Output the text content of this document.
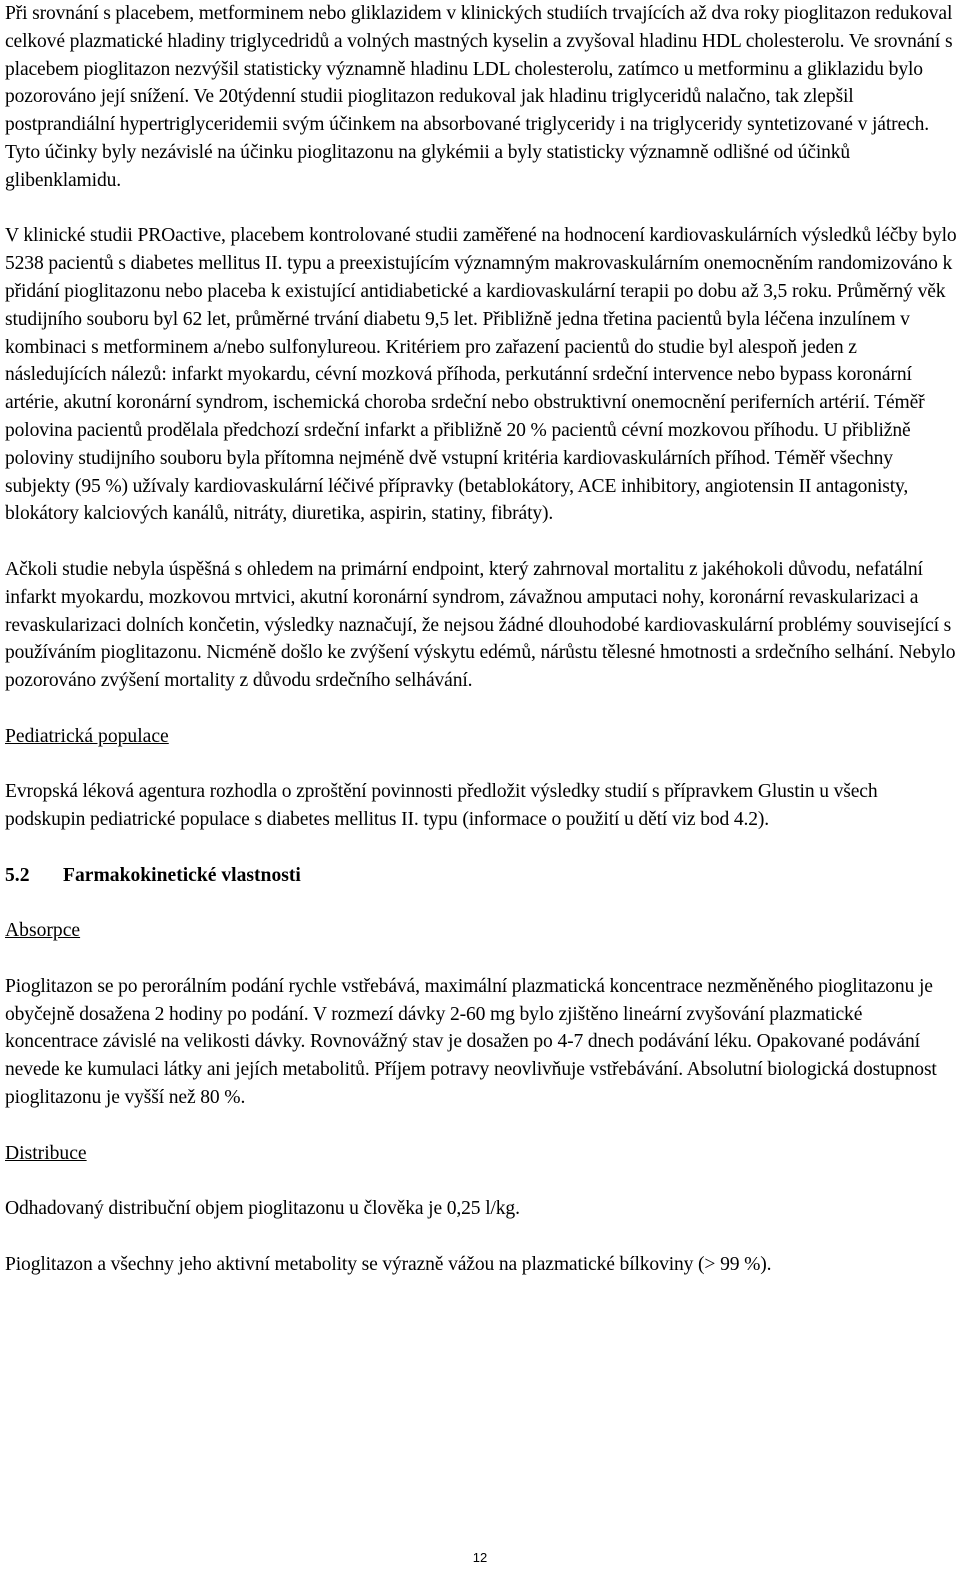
Při srovnání s placebem, metforminem nebo gliklazidem v klinických studiích trvajících až dva roky pioglitazon redukoval celkové plazmatické hladiny triglycedridů a volných mastných kyselin a zvyšoval hladinu HDL cholesterolu. Ve srovnání s placebem pioglitazon nezvýšil statisticky významně hladinu LDL cholesterolu, zatímco u metforminu a gliklazidu bylo pozorováno její snížení. Ve 20týdenní studii pioglitazon redukoval jak hladinu triglyceridů nalačno, tak zlepšil postprandiální hypertriglyceridemii svým účinkem na absorbované triglyceridy i na triglyceridy syntetizované v játrech. Tyto účinky byly nezávislé na účinku pioglitazonu na glykémii a byly statisticky významně odlišné od účinků glibenklamidu.

V klinické studii PROactive, placebem kontrolované studii zaměřené na hodnocení kardiovaskulárních výsledků léčby bylo 5238 pacientů s diabetes mellitus II. typu a preexistujícím významným makrovaskulárním onemocněním randomizováno k přidání pioglitazonu nebo placeba k existující antidiabetické a kardiovaskulární terapii po dobu až 3,5 roku. Průměrný věk studijního souboru byl 62 let, průměrné trvání diabetu 9,5 let. Přibližně jedna třetina pacientů byla léčena inzulínem v kombinaci s metforminem a/nebo sulfonylureou. Kritériem pro zařazení pacientů do studie byl alespoň jeden z následujících nálezů: infarkt myokardu, cévní mozková příhoda, perkutánní srdeční intervence nebo bypass koronární artérie, akutní koronární syndrom, ischemická choroba srdeční nebo obstruktivní onemocnění periferních artérií. Téměř polovina pacientů prodělala předchozí srdeční infarkt a přibližně 20 % pacientů cévní mozkovou příhodu. U přibližně poloviny studijního souboru byla přítomna nejméně dvě vstupní kritéria kardiovaskulárních příhod. Téměř všechny subjekty (95 %) užívaly kardiovaskulární léčivé přípravky (betablokátory, ACE inhibitory, angiotensin II antagonisty, blokátory kalciových kanálů, nitráty, diuretika, aspirin, statiny, fibráty).

Ačkoli studie nebyla úspěšná s ohledem na primární endpoint, který zahrnoval mortalitu z jakéhokoli důvodu, nefatální infarkt myokardu, mozkovou mrtvici, akutní koronární syndrom, závažnou amputaci nohy, koronární revaskularizaci a revaskularizaci dolních končetin, výsledky naznačují, že nejsou žádné dlouhodobé kardiovaskulární problémy související s používáním pioglitazonu. Nicméně došlo ke zvýšení výskytu edémů, nárůstu tělesné hmotnosti a srdečního selhání. Nebylo pozorováno zvýšení mortality z důvodu srdečního selhávání.

Pediatrická populace

Evropská léková agentura rozhodla o zproštění povinnosti předložit výsledky studií s přípravkem Glustin u všech podskupin pediatrické populace s diabetes mellitus II. typu (informace o použití u dětí viz bod 4.2).

5.2 Farmakokinetické vlastnosti

Absorpce

Pioglitazon se po perorálním podání rychle vstřebává, maximální plazmatická koncentrace nezměněného pioglitazonu je obyčejně dosažena 2 hodiny po podání. V rozmezí dávky 2-60 mg bylo zjištěno lineární zvyšování plazmatické koncentrace závislé na velikosti dávky. Rovnovážný stav je dosažen po 4-7 dnech podávání léku. Opakované podávání nevede ke kumulaci látky ani jejích metabolitů. Příjem potravy neovlivňuje vstřebávání. Absolutní biologická dostupnost pioglitazonu je vyšší než 80 %.

Distribuce

Odhadovaný distribuční objem pioglitazonu u člověka je 0,25 l/kg.

Pioglitazon a všechny jeho aktivní metabolity se výrazně vážou na plazmatické bílkoviny (> 99 %).

12
